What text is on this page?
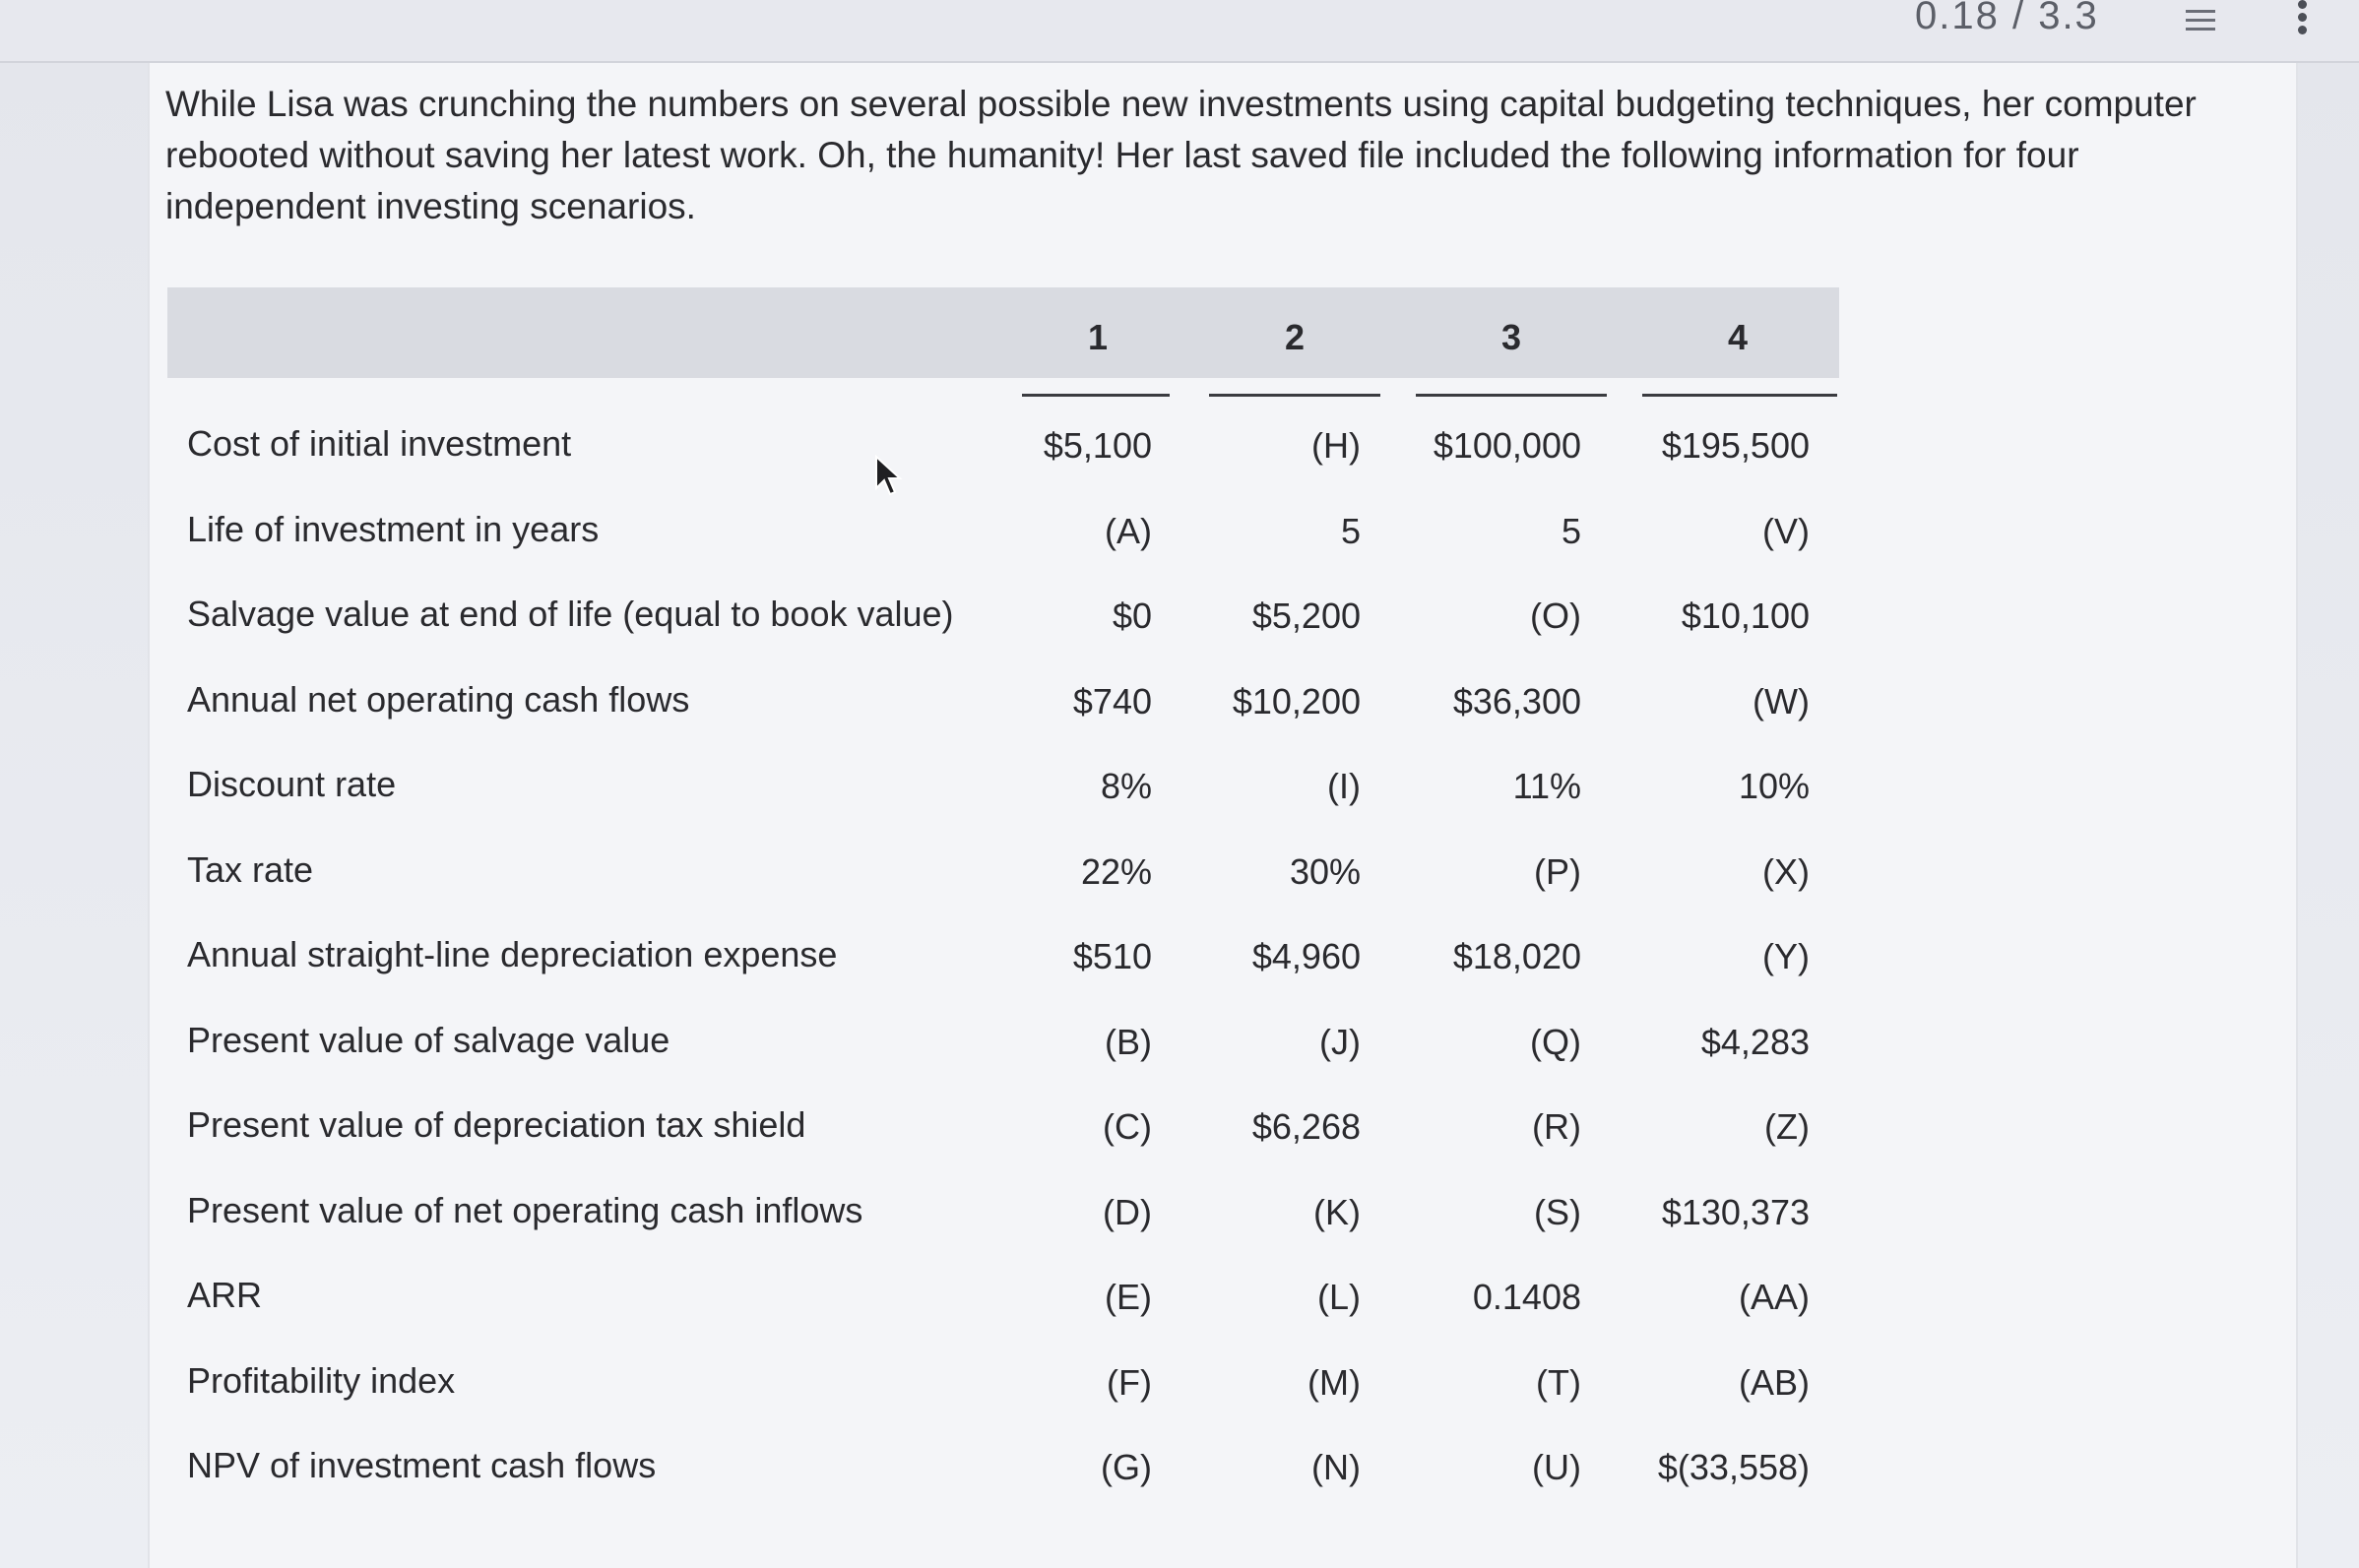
0.18 / 3.3

While Lisa was crunching the numbers on several possible new investments using capital budgeting techniques, her computer rebooted without saving her latest work. Oh, the humanity! Her last saved file included the following information for four independent investing scenarios.

1	2	3	4
Cost of initial investment	$5,100	(H) $100,000 $195,500
Life of investment in years	(A)	5	5	(V)
Salvage value at end of life (equal to book value)	$0	$5,200	(O)	$10,100
Annual net operating cash flows	$740 $10,200	$36,300	(W)
Discount rate	8%	(I)	11%	10%
Tax rate	22%	30%	(P)	(X)
Annual straight-line depreciation expense	$510	$4,960	$18,020	(Y)
Present value of salvage value	(B)	(J)	(Q)	$4,283
Present value of depreciation tax shield	(C)	$6,268	(R)	(Z)
Present value of net operating cash inflows	(D)	(K)	(S) $130,373
ARR	(E)	(L)	0.1408	(AA)
Profitability index	(F)	(M)	(T)	(AB)
NPV of investment cash flows	(G)	(N)	(U) $(33,558)
